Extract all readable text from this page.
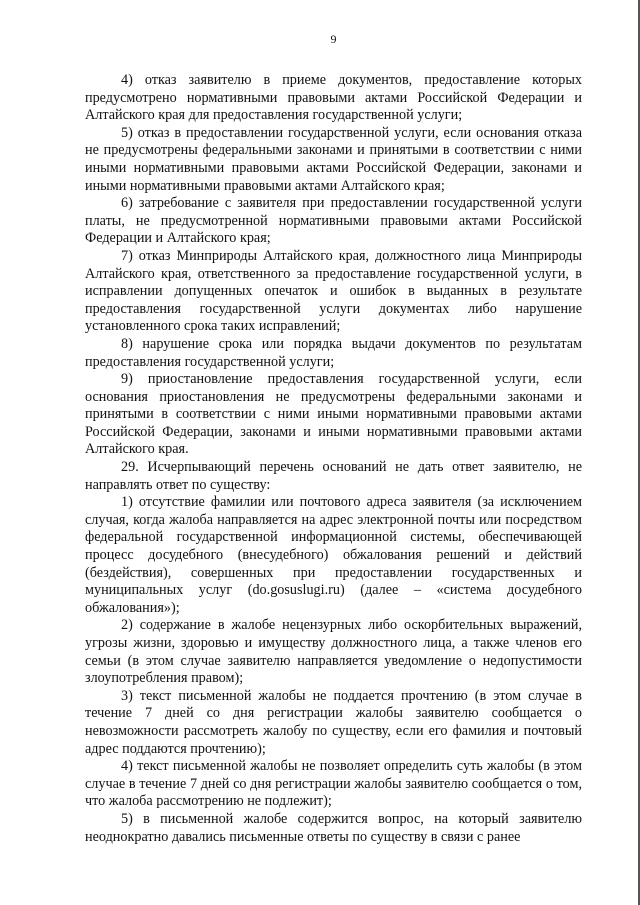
9

4) отказ заявителю в приеме документов, предоставление которых предусмотрено нормативными правовыми актами Российской Федерации и Алтайского края для предоставления государственной услуги;

5) отказ в предоставлении государственной услуги, если основания отказа не предусмотрены федеральными законами и принятыми в соответствии с ними иными нормативными правовыми актами Российской Федерации, законами и иными нормативными правовыми актами Алтайского края;

6) затребование с заявителя при предоставлении государственной услуги платы, не предусмотренной нормативными правовыми актами Российской Федерации и Алтайского края;

7) отказ Минприроды Алтайского края, должностного лица Минприроды Алтайского края, ответственного за предоставление государственной услуги, в исправлении допущенных опечаток и ошибок в выданных в результате предоставления государственной услуги документах либо нарушение установленного срока таких исправлений;

8) нарушение срока или порядка выдачи документов по результатам предоставления государственной услуги;

9) приостановление предоставления государственной услуги, если основания приостановления не предусмотрены федеральными законами и принятыми в соответствии с ними иными нормативными правовыми актами Российской Федерации, законами и иными нормативными правовыми актами Алтайского края.

29. Исчерпывающий перечень оснований не дать ответ заявителю, не направлять ответ по существу:

1) отсутствие фамилии или почтового адреса заявителя (за исключением случая, когда жалоба направляется на адрес электронной почты или посредством федеральной государственной информационной системы, обеспечивающей процесс досудебного (внесудебного) обжалования решений и действий (бездействия), совершенных при предоставлении государственных и муниципальных услуг (do.gosuslugi.ru) (далее – «система досудебного обжалования»);

2) содержание в жалобе нецензурных либо оскорбительных выражений, угрозы жизни, здоровью и имуществу должностного лица, а также членов его семьи (в этом случае заявителю направляется уведомление о недопустимости злоупотребления правом);

3) текст письменной жалобы не поддается прочтению (в этом случае в течение 7 дней со дня регистрации жалобы заявителю сообщается о невозможности рассмотреть жалобу по существу, если его фамилия и почтовый адрес поддаются прочтению);

4) текст письменной жалобы не позволяет определить суть жалобы (в этом случае в течение 7 дней со дня регистрации жалобы заявителю сообщается о том, что жалоба рассмотрению не подлежит);

5) в письменной жалобе содержится вопрос, на который заявителю неоднократно давались письменные ответы по существу в связи с ранее
